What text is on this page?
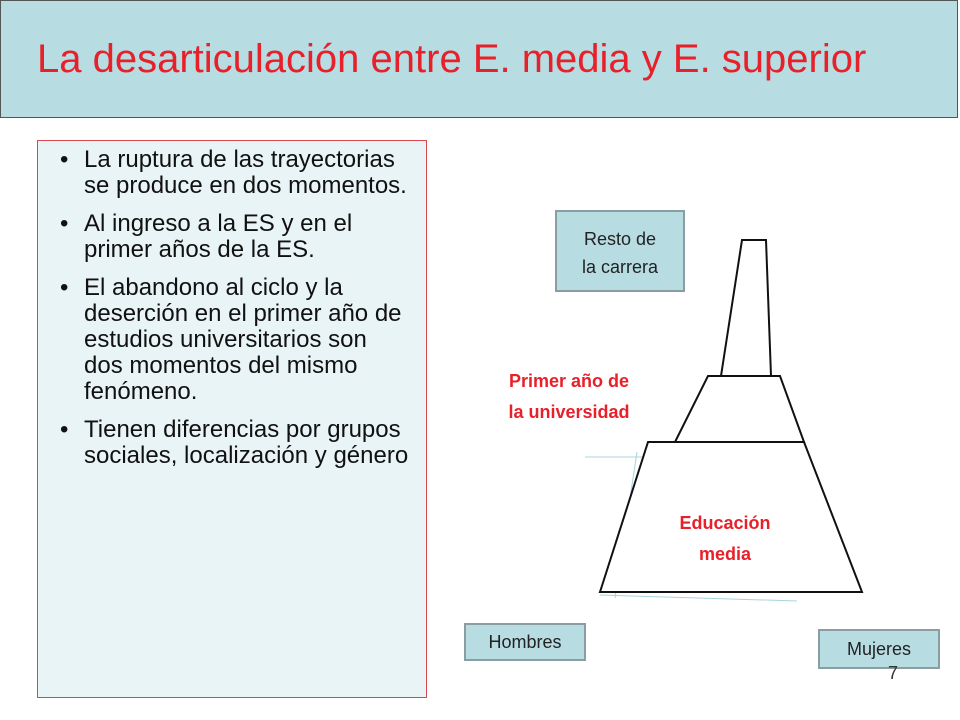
La desarticulación entre E. media y E. superior
• La ruptura de las trayectorias se produce en dos momentos.
• Al ingreso a la ES y en el primer años de la ES.
• El abandono al ciclo y la deserción en el primer año de estudios universitarios son dos momentos del mismo fenómeno.
• Tienen diferencias por grupos sociales, localización y género
Resto de
la carrera
Primer año de
la universidad
Educación
media
Hombres	Mujeres
7
